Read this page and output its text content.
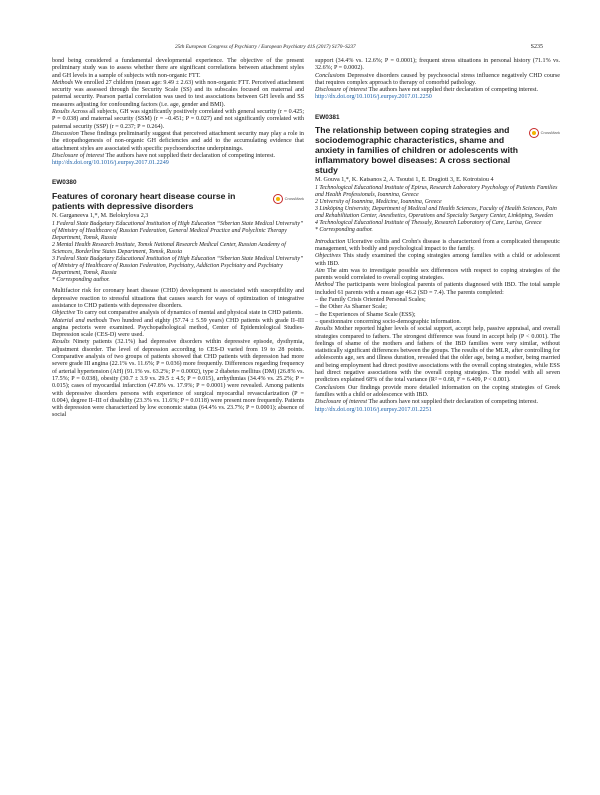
25th European Congress of Psychiatry / European Psychiatry 41S (2017) S170–S237	S235

bond being considered a fundamental developmental experience. The objective of the present preliminary study was to assess whether there are significant correlations between attachment styles and GH levels in a sample of subjects with non-organic FTT.

Methods We enrolled 27 children (mean age: 9.49 ± 2.63) with non-organic FTT. Perceived attachment security was assessed through the Security Scale (SS) and its subscales focused on maternal and paternal security. Pearson partial correlation was used to test associations between GH levels and SS measures adjusting for confounding factors (i.e. age, gender and BMI).

Results Across all subjects, GH was significantly positively correlated with general security (r = 0.425; P = 0.038) and maternal security (SSM) (r = –0.451; P = 0.027) and not significantly correlated with paternal security (SSP) (r = 0.237; P = 0.264).

Discussion These findings preliminarily suggest that perceived attachment security may play a role in the etiopathogenesis of non-organic GH deficiencies and add to the accumulating evidence that attachment styles are associated with specific psychoendocrine underpinnings.

Disclosure of interest The authors have not supplied their declaration of competing interest.

http://dx.doi.org/10.1016/j.eurpsy.2017.01.2249

EW0380
Features of coronary heart disease course in patients with depressive disorders
CrossMark
N. Garganeeva 1,*, M. Belokrylova 2,3
1 Federal State Budgetary Educational Institution of High Education “Siberian State Medical University” of Ministry of Healthcare of Russian Federation, General Medical Practice and Polyclinic Therapy Department, Tomsk, Russia
2 Mental Health Research Institute, Tomsk National Research Medical Center, Russian Academy of Sciences, Borderline States Department, Tomsk, Russia
3 Federal State Budgetary Educational Institution of High Education “Siberian State Medical University” of Ministry of Healthcare of Russian Federation, Psychiatry, Addiction Psychiatry and Psychiatry Department, Tomsk, Russia
* Corresponding author.

Multifactor risk for coronary heart disease (CHD) development is associated with susceptibility and depressive reaction to stressful situations that causes search for ways of optimization of integrative assistance to CHD patients with depressive disorders.

Objective To carry out comparative analysis of dynamics of mental and physical state in CHD patients.

Material and methods Two hundred and eighty (57.74 ± 5.59 years) CHD patients with grade II–III angina pectoris were examined. Psychopathological method, Center of Epidemiological Studies-Depression scale (CES-D) were used.

Results Ninety patients (32.1%) had depressive disorders within depressive episode, dysthymia, adjustment disorder. The level of depression according to CES-D varied from 19 to 28 points. Comparative analysis of two groups of patients showed that CHD patients with depression had more severe grade III angina (22.1% vs. 11.6%; P = 0.036) more frequently. Differences regarding frequency of arterial hypertension (AH) (91.1% vs. 63.2%; P = 0.0002), type 2 diabetes mellitus (DM) (26.8% vs. 17.5%; P = 0.038), obesity (30.7 ± 3.9 vs. 29.5 ± 4.5; P = 0.015), arrhythmias (34.4% vs. 25.2%; P = 0.015); cases of myocardial infarction (47.8% vs. 17.9%; P = 0.0001) were revealed. Among patients with depressive disorders persons with experience of surgical myocardial revascularization (P = 0.004), degree II–III of disability (23.3% vs. 11.6%; P = 0.0118) were present more frequently. Patients with depression were characterized by low economic status (64.4% vs. 23.7%; P = 0.0001); absence of social

support (34.4% vs. 12.6%; P = 0.0001); frequent stress situations in personal history (71.1% vs. 32.6%; P = 0.0002).

Conclusions Depressive disorders caused by psychosocial stress influence negatively CHD course that requires complex approach to therapy of comorbid pathology.

Disclosure of interest The authors have not supplied their declaration of competing interest.

http://dx.doi.org/10.1016/j.eurpsy.2017.01.2250

EW0381
The relationship between coping strategies and sociodemographic characteristics, shame and anxiety in families of children or adolescents with inflammatory bowel diseases: A cross sectional study
CrossMark
M. Gouva 1,*, K. Katsanos 2, A. Tsoutsi 1, E. Dragioti 3, E. Kotrotsiou 4
1 Technological Educational Institute of Epirus, Research Laboratory Psychology of Patients Families and Health Professionals, Ioannina, Greece
2 University of Ioannina, Medicine, Ioannina, Greece
3 Linköping University, Department of Medical and Health Sciences, Faculty of Health Sciences, Pain and Rehabilitation Center, Anesthetics, Operations and Specialty Surgery Center, Linköping, Sweden
4 Technological Educational Institute of Thessaly, Research Laboratory of Care, Larisa, Greece
* Corresponding author.

Introduction Ulcerative colitis and Crohn's disease is characterized from a complicated therapeutic management, with bodily and psychological impact to the family.

Objectives This study examined the coping strategies among families with a child or adolescent with IBD.

Aim The aim was to investigate possible sex differences with respect to coping strategies of the parents would correlated to overall coping strategies.

Method The participants were biological parents of patients diagnosed with IBD. The total sample included 61 parents with a mean age 46.2 (SD = 7.4). The parents completed:

– the Family Crisis Oriented Personal Scales;
– the Other As Shamer Scale;
– the Experiences of Shame Scale (ESS);
– questionnaire concerning socio-demographic information.

Results Mother reported higher levels of social support, accept help, passive appraisal, and overall strategies compared to fathers. The strongest difference was found in accept help (P < 0.001). The feelings of shame of the mothers and fathers of the IBD families were very similar, without statistically significant differences between the groups. The results of the MLR, after controlling for adolescents age, sex and illness duration, revealed that the older age, being a mother, being married and being employment had direct positive associations with the overall coping strategies, while ESS had direct negative associations with the overall coping strategies. The model with all seven predictors explained 68% of the total variance (R² = 0.68, F = 6.409, P < 0.001).

Conclusions Our findings provide more detailed information on the coping strategies of Greek families with a child or adolescence with IBD.

Disclosure of interest The authors have not supplied their declaration of competing interest.

http://dx.doi.org/10.1016/j.eurpsy.2017.01.2251
